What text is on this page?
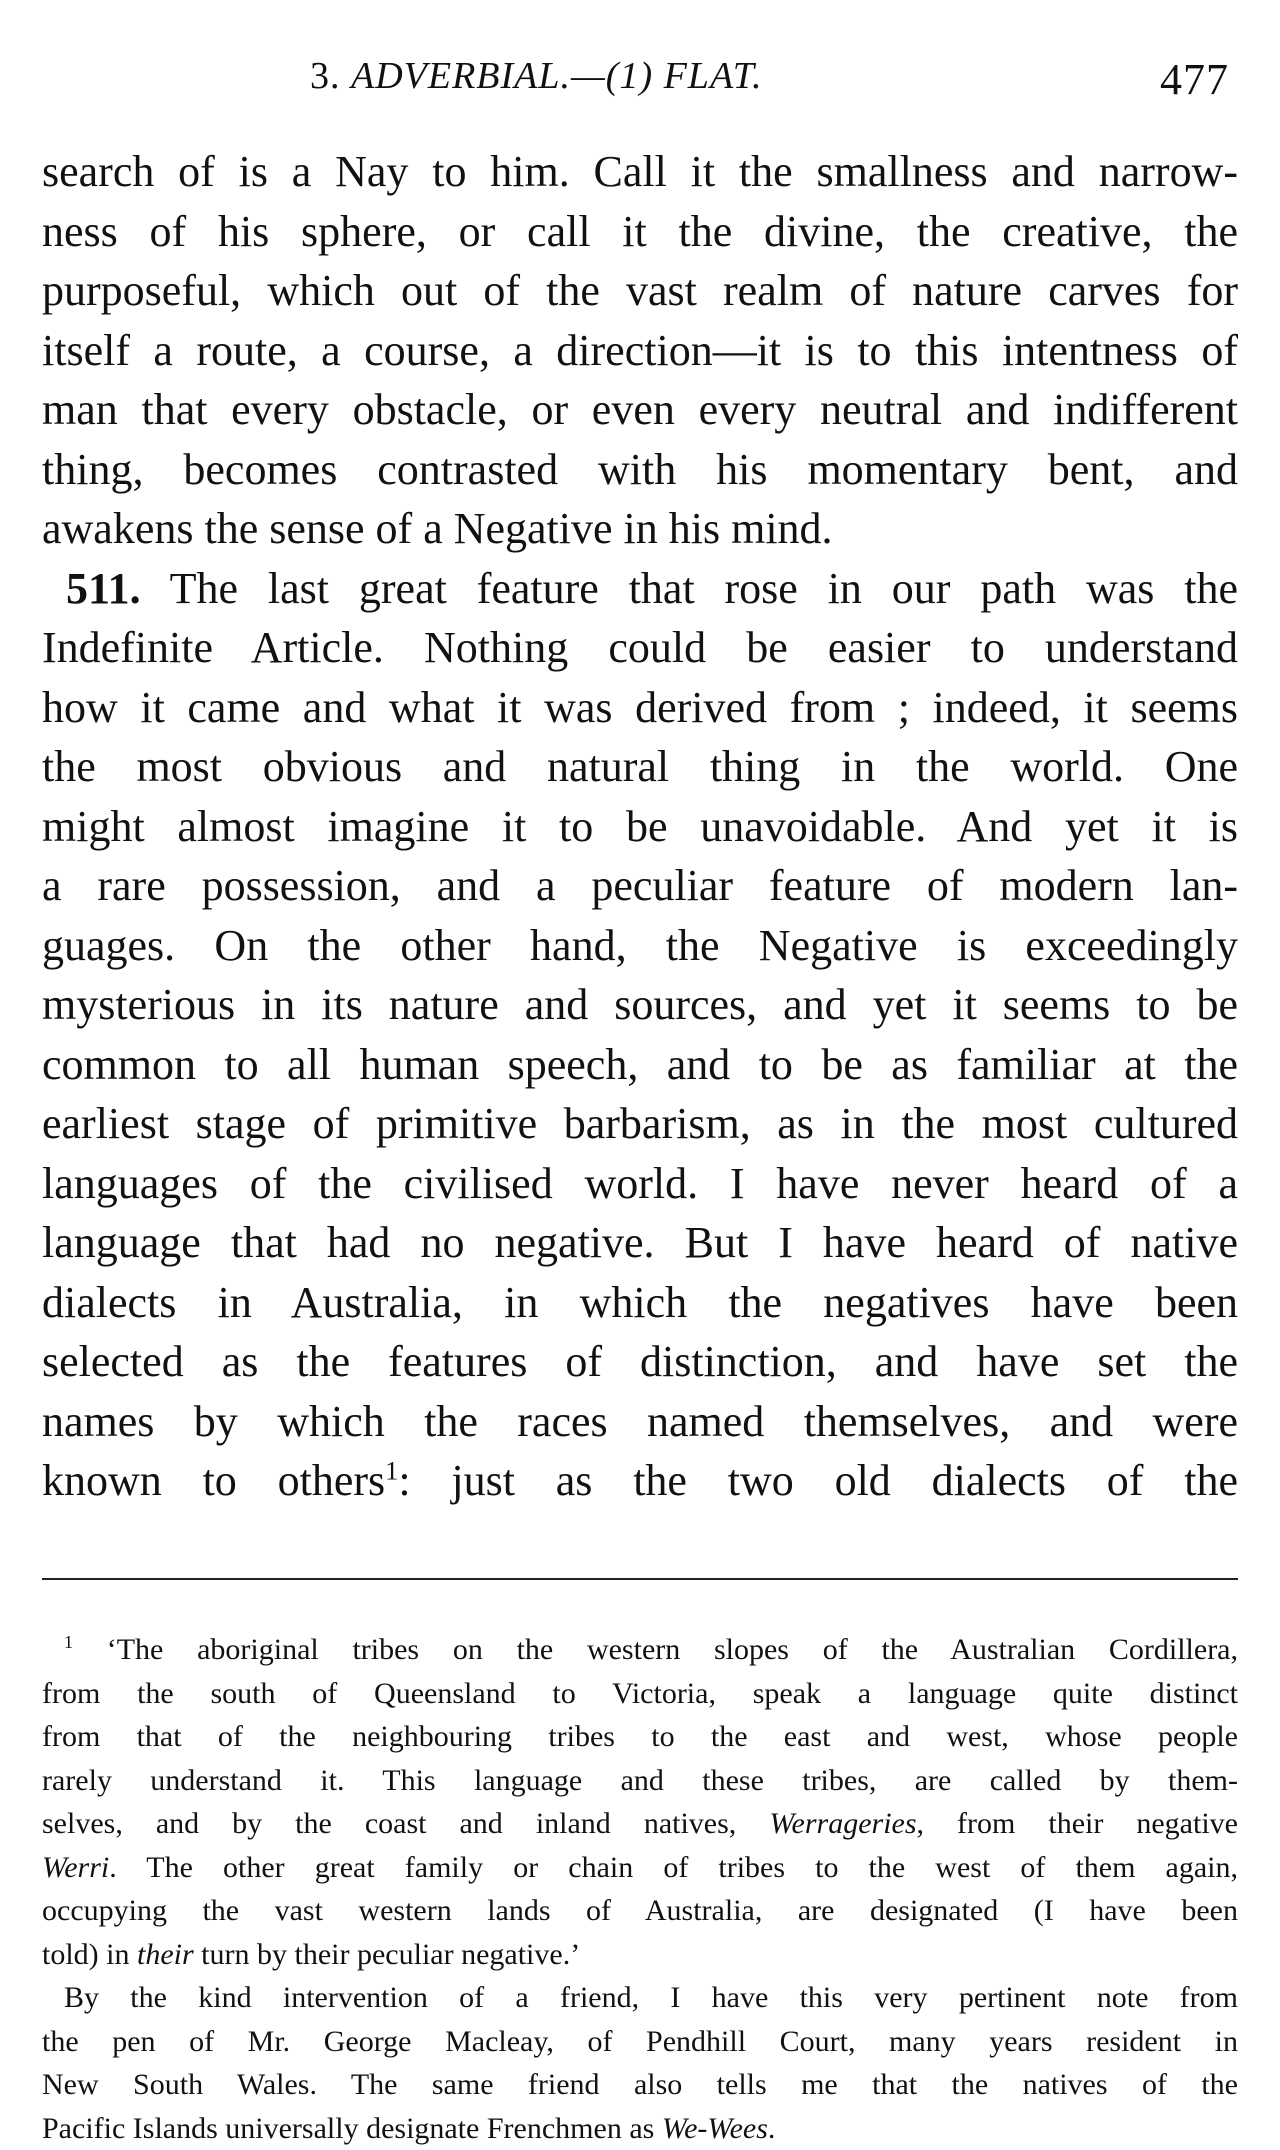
3. ADVERBIAL.—(1) FLAT.	477
search of is a Nay to him. Call it the smallness and narrow-
ness of his sphere, or call it the divine, the creative, the
purposeful, which out of the vast realm of nature carves for
itself a route, a course, a direction—it is to this intentness of
man that every obstacle, or even every neutral and indifferent
thing, becomes contrasted with his momentary bent, and
awakens the sense of a Negative in his mind.
511. The last great feature that rose in our path was the
Indefinite Article. Nothing could be easier to understand
how it came and what it was derived from ; indeed, it seems
the most obvious and natural thing in the world. One
might almost imagine it to be unavoidable. And yet it is
a rare possession, and a peculiar feature of modern lan-
guages. On the other hand, the Negative is exceedingly
mysterious in its nature and sources, and yet it seems to be
common to all human speech, and to be as familiar at the
earliest stage of primitive barbarism, as in the most cultured
languages of the civilised world. I have never heard of a
language that had no negative. But I have heard of native
dialects in Australia, in which the negatives have been
selected as the features of distinction, and have set the
names by which the races named themselves, and were
known to others$^1$: just as the two old dialects of the
$^1$ ‘The aboriginal tribes on the western slopes of the Australian Cordillera,
from the south of Queensland to Victoria, speak a language quite distinct
from that of the neighbouring tribes to the east and west, whose people
rarely understand it. This language and these tribes, are called by them-
selves, and by the coast and inland natives, Werrageries, from their negative
Werri. The other great family or chain of tribes to the west of them again,
occupying the vast western lands of Australia, are designated (I have been
told) in their turn by their peculiar negative.’
By the kind intervention of a friend, I have this very pertinent note from
the pen of Mr. George Macleay, of Pendhill Court, many years resident in
New South Wales. The same friend also tells me that the natives of the
Pacific Islands universally designate Frenchmen as We-Wees.
